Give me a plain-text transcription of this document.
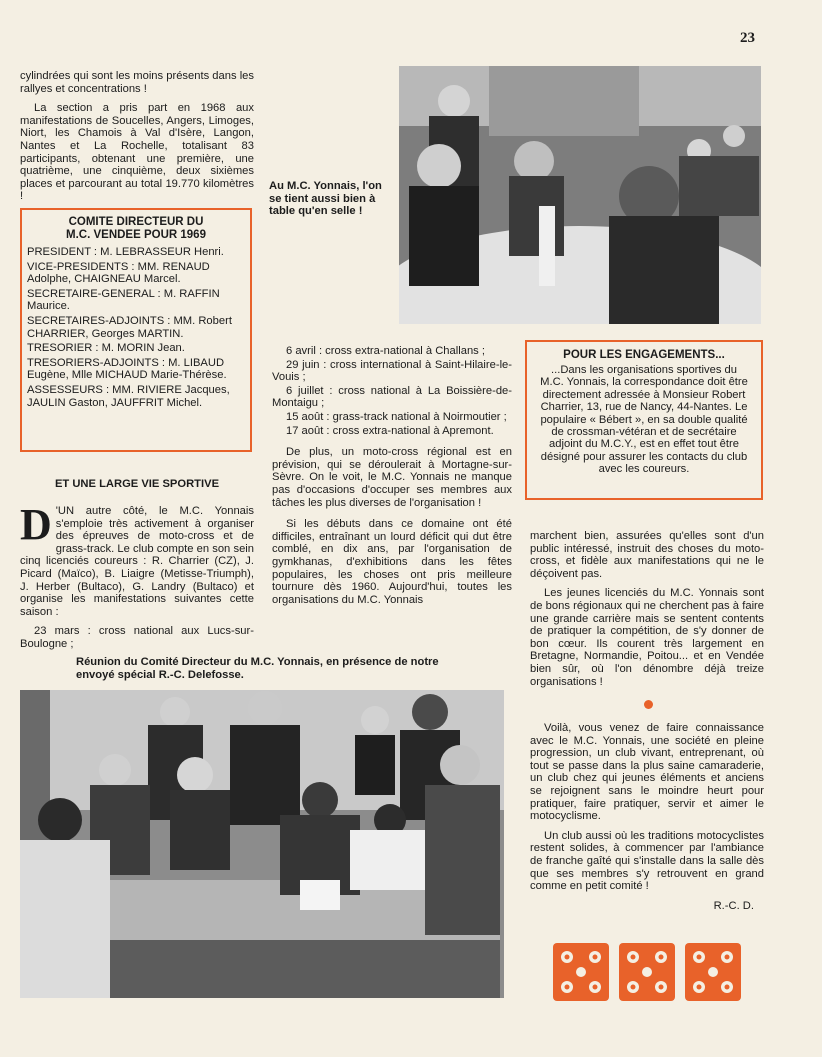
23

cylindrées qui sont les moins présents dans les rallyes et concentrations !

La section a pris part en 1968 aux manifestations de Soucelles, Angers, Limoges, Niort, les Chamois à Val d'Isère, Langon, Nantes et La Rochelle, totalisant 83 participants, obtenant une première, une quatrième, une cinquième, deux sixièmes places et parcourant au total 19.770 kilomètres !

COMITE DIRECTEUR DU
M.C. VENDEE POUR 1969
PRESIDENT : M. LEBRASSEUR Henri.
VICE-PRESIDENTS : MM. RENAUD Adolphe, CHAIGNEAU Marcel.
SECRETAIRE-GENERAL : M. RAFFIN Maurice.
SECRETAIRES-ADJOINTS : MM. Robert CHARRIER, Georges MARTIN.
TRESORIER : M. MORIN Jean.
TRESORIERS-ADJOINTS : M. LIBAUD Eugène, Mlle MICHAUD Marie-Thérèse.
ASSESSEURS : MM. RIVIERE Jacques, JAULIN Gaston, JAUFFRIT Michel.
ET UNE LARGE VIE SPORTIVE

D 'UN autre côté, le M.C. Yonnais s'emploie très activement à organiser des épreuves de moto-cross et de grass-track. Le club compte en son sein cinq licenciés coureurs : R. Charrier (CZ), J. Picard (Maïco), B. Liaigre (Metisse-Triumph), J. Herber (Bultaco), G. Landry (Bultaco) et organise les manifestations suivantes cette saison :

23 mars : cross national aux Lucs-sur-Boulogne ;

Au M.C. Yonnais, l'on se tient aussi bien à table qu'en selle !

6 avril : cross extra-national à Challans ;

29 juin : cross international à Saint-Hilaire-le-Vouis ;

6 juillet : cross national à La Boissière-de-Montaigu ;

15 août : grass-track national à Noirmoutier ;

17 août : cross extra-national à Apremont.

De plus, un moto-cross régional est en prévision, qui se déroulerait à Mortagne-sur-Sèvre. On le voit, le M.C. Yonnais ne manque pas d'occasions d'occuper ses membres aux tâches les plus diverses de l'organisation !

Si les débuts dans ce domaine ont été difficiles, entraînant un lourd déficit qui dut être comblé, en dix ans, par l'organisation de gymkhanas, d'exhibitions dans les fêtes populaires, les choses ont pris meilleure tournure dès 1960. Aujourd'hui, toutes les organisations du M.C. Yonnais

POUR LES ENGAGEMENTS...
...Dans les organisations sportives du M.C. Yonnais, la correspondance doit être directement adressée à Monsieur Robert Charrier, 13, rue de Nancy, 44-Nantes. Le populaire « Bébert », en sa double qualité de crossman-vétéran et de secrétaire adjoint du M.C.Y., est en effet tout être désigné pour assurer les contacts du club avec les coureurs.

marchent bien, assurées qu'elles sont d'un public intéressé, instruit des choses du moto-cross, et fidèle aux manifestations qui ne le déçoivent pas.

Les jeunes licenciés du M.C. Yonnais sont de bons régionaux qui ne cherchent pas à faire une grande carrière mais se sentent contents de pratiquer la compétition, de s'y donner de bon cœur. Ils courent très largement en Bretagne, Normandie, Poitou... et en Vendée bien sûr, où l'on dénombre déjà treize organisations !

Voilà, vous venez de faire connaissance avec le M.C. Yonnais, une société en pleine progression, un club vivant, entreprenant, où tout se passe dans la plus saine camaraderie, un club chez qui jeunes éléments et anciens se rejoignent sans le moindre heurt pour pratiquer, faire pratiquer, servir et aimer le motocyclisme.

Un club aussi où les traditions motocyclistes restent solides, à commencer par l'ambiance de franche gaîté qui s'installe dans la salle dès que ses membres s'y retrouvent en grand comme en petit comité !

R.-C. D.
Réunion du Comité Directeur du M.C. Yonnais, en présence de notre envoyé spécial R.-C. Delefosse.
